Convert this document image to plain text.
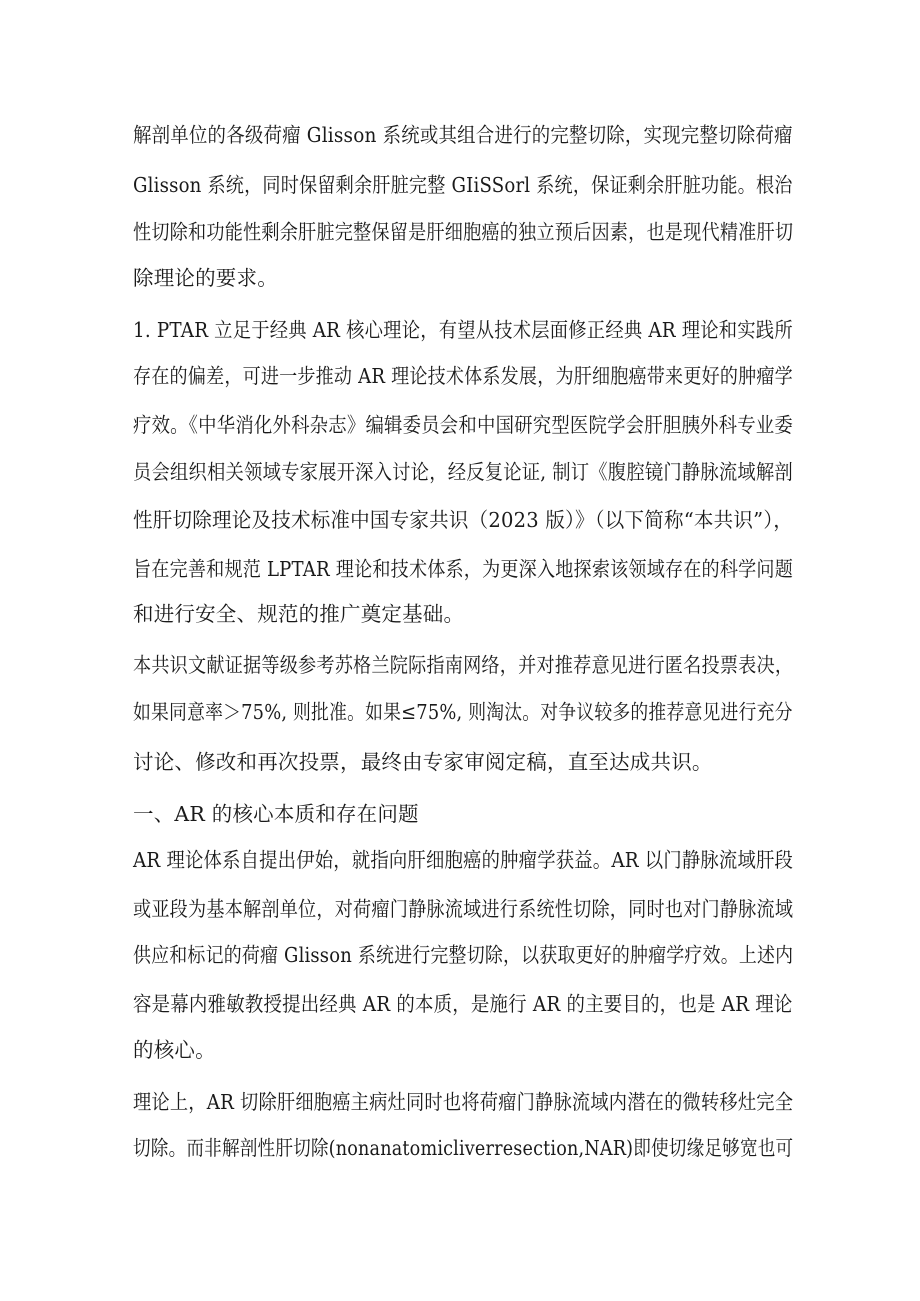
解剖单位的各级荷瘤 Glisson 系统或其组合进行的完整切除，实现完整切除荷瘤
Glisson 系统，同时保留剩余肝脏完整 GIiSSorl 系统，保证剩余肝脏功能。根治
性切除和功能性剩余肝脏完整保留是肝细胞癌的独立预后因素，也是现代精准肝切
除理论的要求。
1. PTAR 立足于经典 AR 核心理论，有望从技术层面修正经典 AR 理论和实践所
存在的偏差，可进一步推动 AR 理论技术体系发展，为肝细胞癌带来更好的肿瘤学
疗效。《中华消化外科杂志》编辑委员会和中国研究型医院学会肝胆胰外科专业委
员会组织相关领域专家展开深入讨论，经反复论证, 制订《腹腔镜门静脉流域解剖
性肝切除理论及技术标准中国专家共识（2023 版）》（以下简称“本共识”），
旨在完善和规范 LPTAR 理论和技术体系，为更深入地探索该领域存在的科学问题
和进行安全、规范的推广奠定基础。
本共识文献证据等级参考苏格兰院际指南网络，并对推荐意见进行匿名投票表决，
如果同意率＞75%, 则批准。如果≤75%, 则淘汰。对争议较多的推荐意见进行充分
讨论、修改和再次投票，最终由专家审阅定稿，直至达成共识。
一、AR 的核心本质和存在问题
AR 理论体系自提出伊始，就指向肝细胞癌的肿瘤学获益。AR 以门静脉流域肝段
或亚段为基本解剖单位，对荷瘤门静脉流域进行系统性切除，同时也对门静脉流域
供应和标记的荷瘤 Glisson 系统进行完整切除，以获取更好的肿瘤学疗效。上述内
容是幕内雅敏教授提出经典 AR 的本质，是施行 AR 的主要目的，也是 AR 理论
的核心。
理论上，AR 切除肝细胞癌主病灶同时也将荷瘤门静脉流域内潜在的微转移灶完全
切除。而非解剖性肝切除(nonanatomicliverresection,NAR)即使切缘足够宽也可
